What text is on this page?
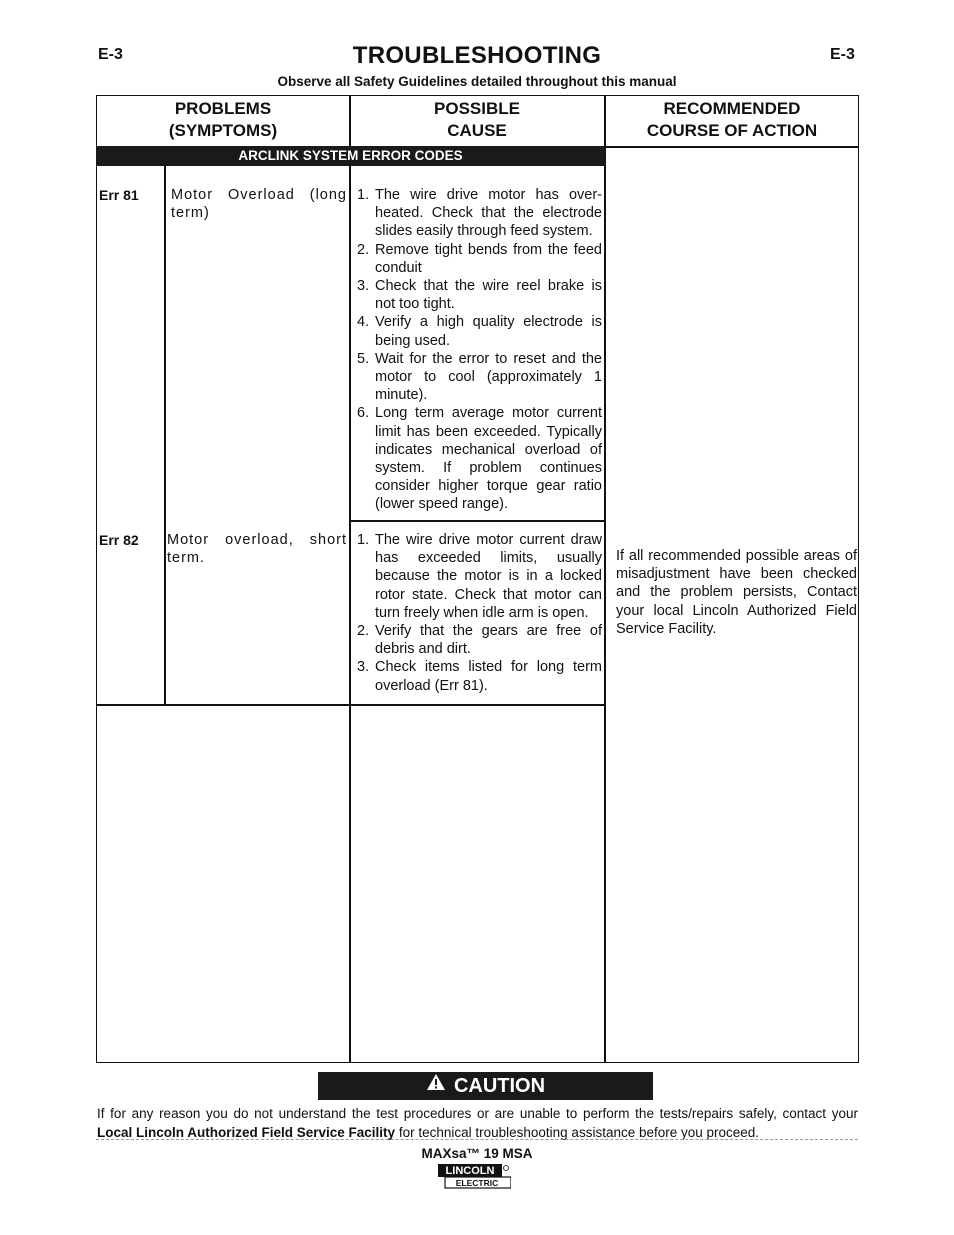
E-3	E-3
TROUBLESHOOTING
Observe all Safety Guidelines detailed throughout this manual
PROBLEMS
(SYMPTOMS)
POSSIBLE
CAUSE
RECOMMENDED
COURSE OF ACTION
ARCLINK SYSTEM ERROR CODES
Err 81 Motor Overload (long term)
1. The wire drive motor has over-heated. Check that the electrode slides easily through feed system.
2. Remove tight bends from the feed conduit
3. Check that the wire reel brake is not too tight.
4. Verify a high quality electrode is being used.
5. Wait for the error to reset and the motor to cool (approximately 1 minute).
6. Long term average motor current limit has been exceeded. Typically indicates mechanical overload of system. If problem continues consider higher torque gear ratio (lower speed range).
Err 82 Motor overload, short term.
1. The wire drive motor current draw has exceeded limits, usually because the motor is in a locked rotor state. Check that motor can turn freely when idle arm is open.
2. Verify that the gears are free of debris and dirt.
3. Check items listed for long term overload (Err 81).
If all recommended possible areas of misadjustment have been checked and the problem persists, Contact your local Lincoln Authorized Field Service Facility.
CAUTION
If for any reason you do not understand the test procedures or are unable to perform the tests/repairs safely, contact your Local Lincoln Authorized Field Service Facility for technical troubleshooting assistance before you proceed.
MAXsa™ 19 MSA
LINCOLN
ELECTRIC
